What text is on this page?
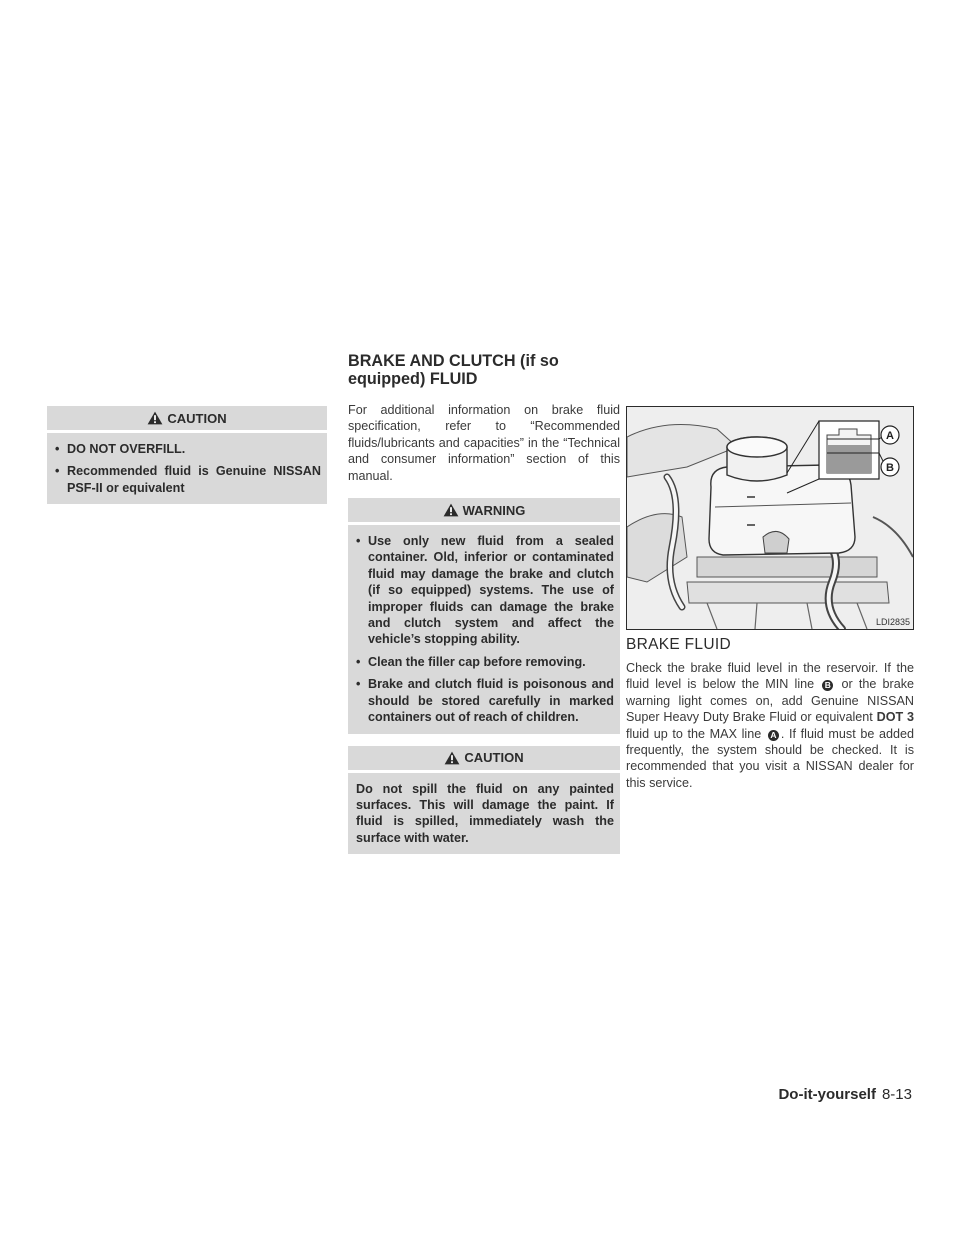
CAUTION
• DO NOT OVERFILL.
• Recommended fluid is Genuine NISSAN PSF-II or equivalent
BRAKE AND CLUTCH (if so equipped) FLUID

For additional information on brake fluid specification, refer to “Recommended fluids/lubricants and capacities” in the “Technical and consumer information” section of this manual.

WARNING
• Use only new fluid from a sealed container. Old, inferior or contaminated fluid may damage the brake and clutch (if so equipped) systems. The use of improper fluids can damage the brake and clutch system and affect the vehicle’s stopping ability.
• Clean the filler cap before removing.
• Brake and clutch fluid is poisonous and should be stored carefully in marked containers out of reach of children.
CAUTION

Do not spill the fluid on any painted surfaces. This will damage the paint. If fluid is spilled, immediately wash the surface with water.

A
B
LDI2835
BRAKE FLUID

Check the brake fluid level in the reservoir. If the fluid level is below the MIN line B or the brake warning light comes on, add Genuine NISSAN Super Heavy Duty Brake Fluid or equivalent DOT 3 fluid up to the MAX line A . If fluid must be added frequently, the system should be checked. It is recommended that you visit a NISSAN dealer for this service.

Do-it-yourself 8-13
